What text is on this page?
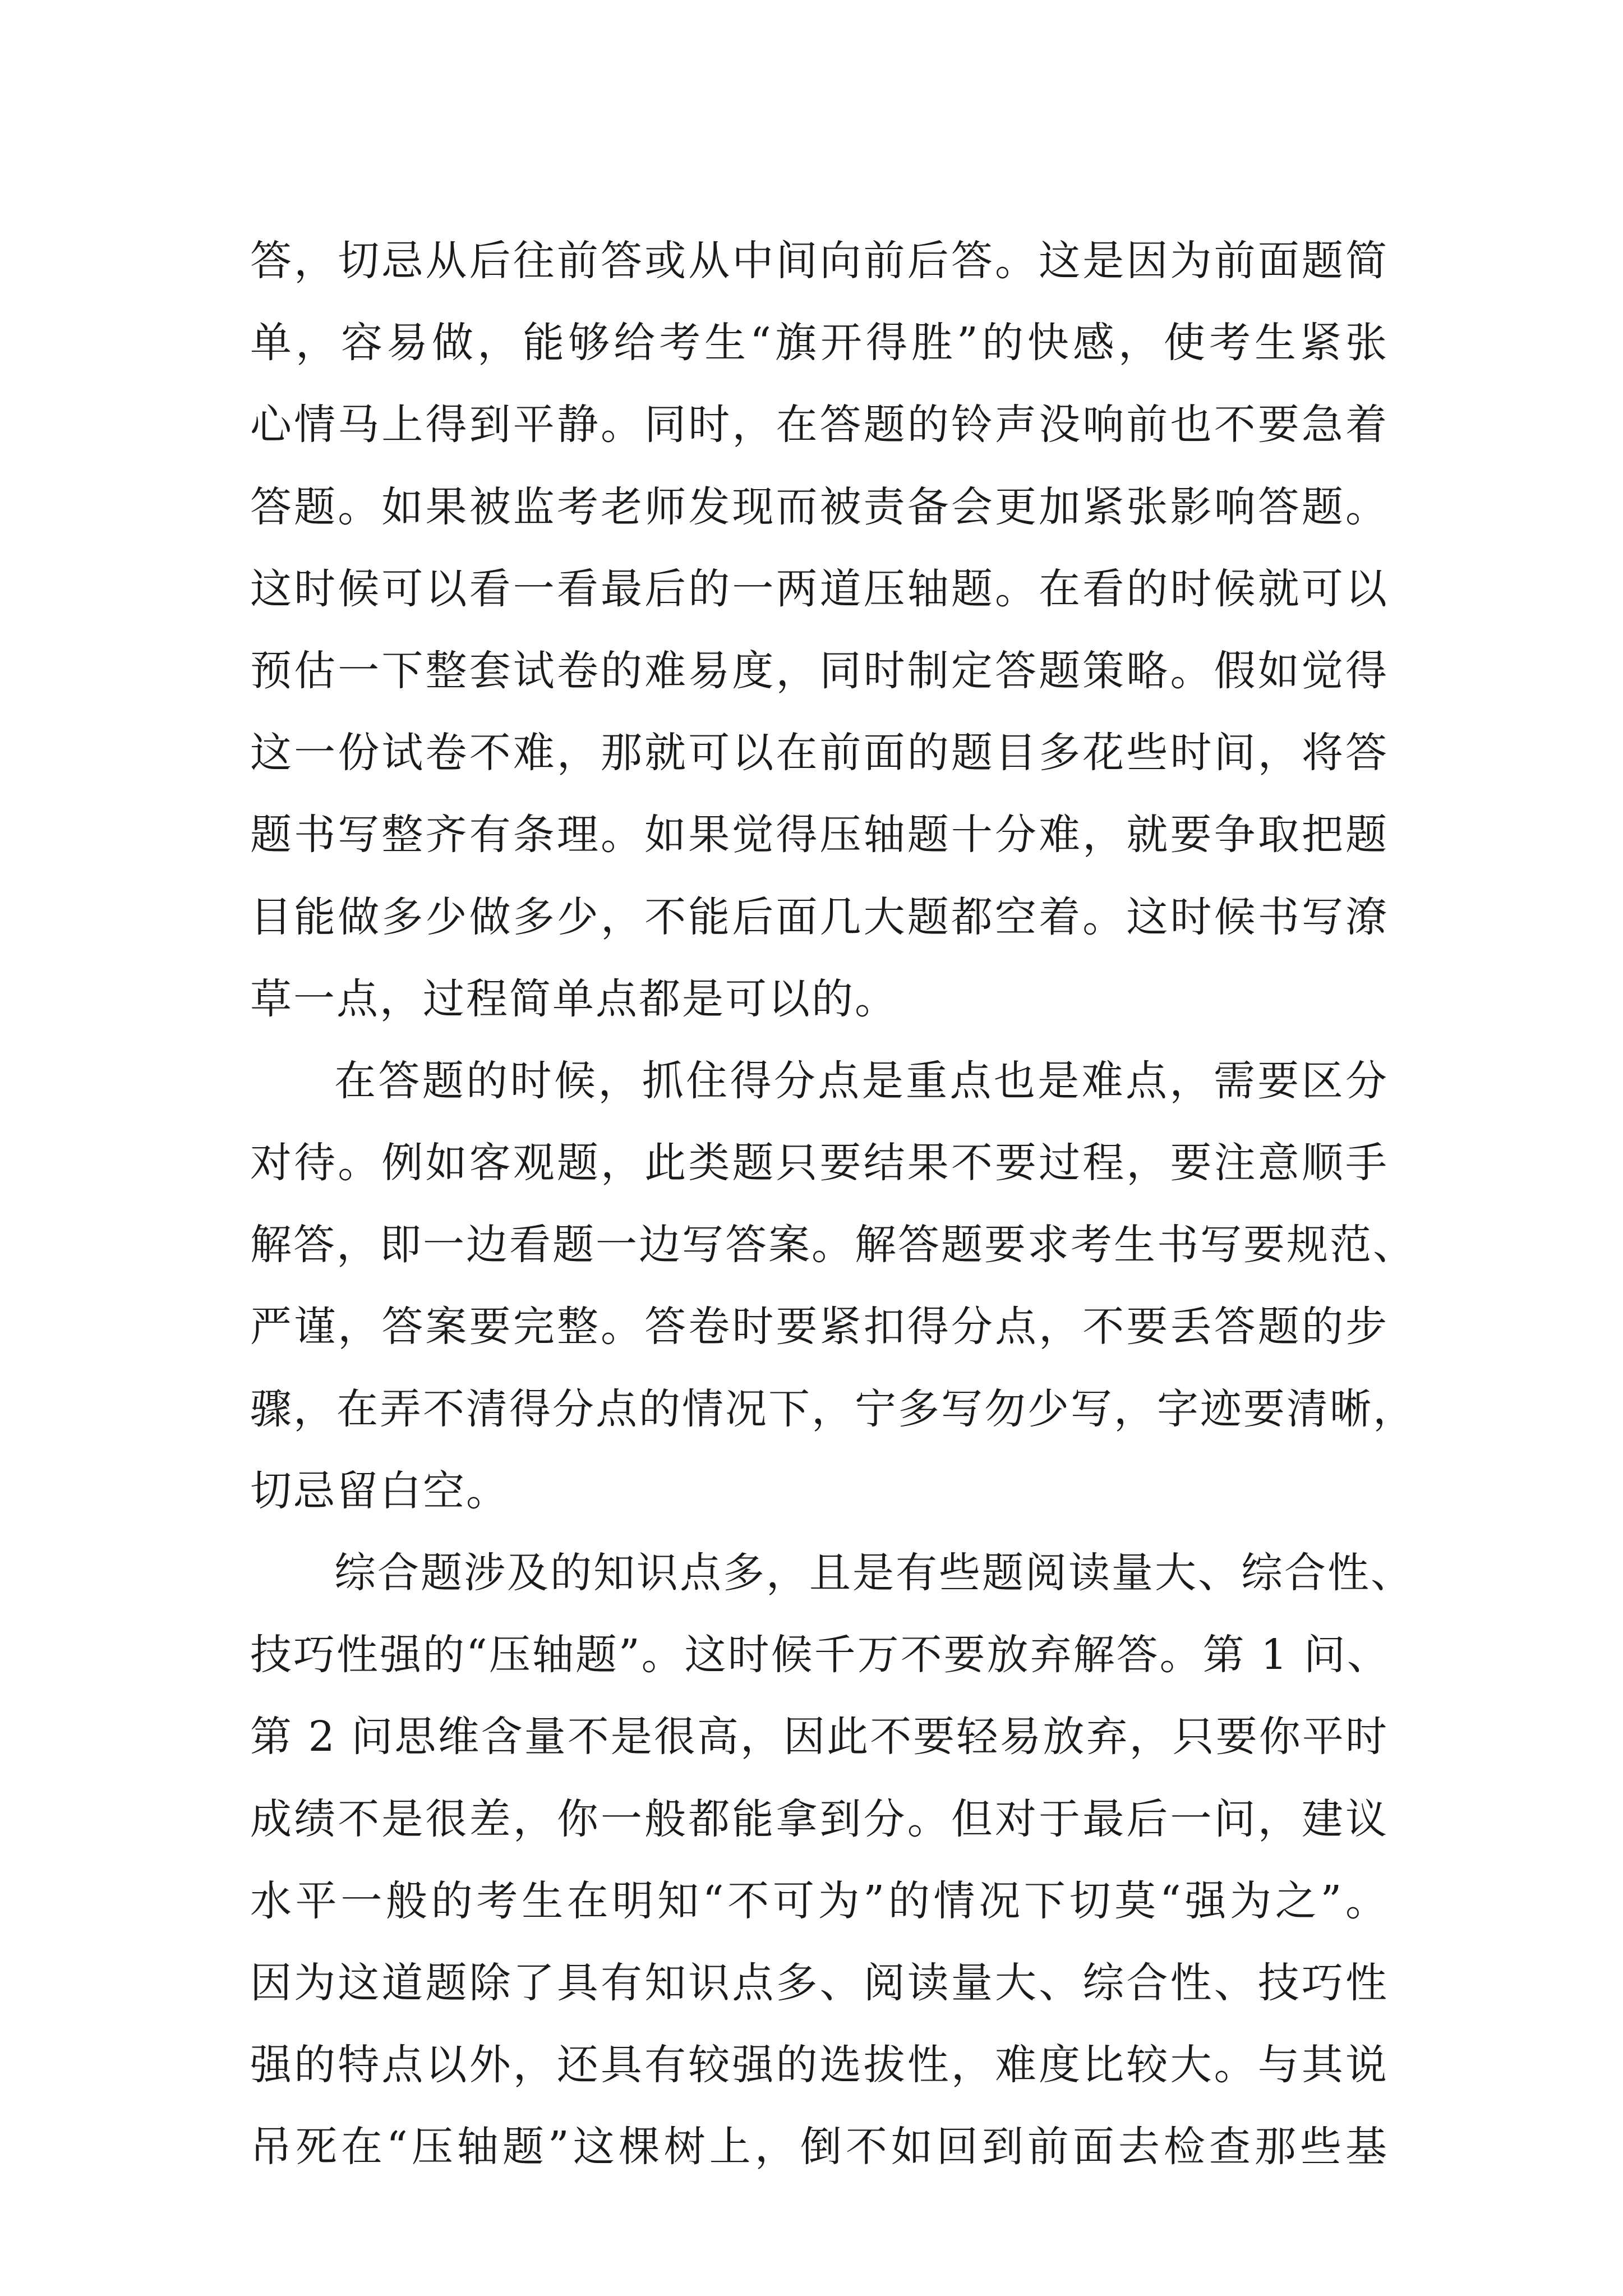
答，切忌从后往前答或从中间向前后答。这是因为前面题简
单，容易做，能够给考生“旗开得胜”的快感，使考生紧张
心情马上得到平静。同时，在答题的铃声没响前也不要急着
答题。如果被监考老师发现而被责备会更加紧张影响答题。
这时候可以看一看最后的一两道压轴题。在看的时候就可以
预估一下整套试卷的难易度，同时制定答题策略。假如觉得
这一份试卷不难，那就可以在前面的题目多花些时间，将答
题书写整齐有条理。如果觉得压轴题十分难，就要争取把题
目能做多少做多少，不能后面几大题都空着。这时候书写潦
草一点，过程简单点都是可以的。
在答题的时候，抓住得分点是重点也是难点，需要区分
对待。例如客观题，此类题只要结果不要过程，要注意顺手
解答，即一边看题一边写答案。解答题要求考生书写要规范、
严谨，答案要完整。答卷时要紧扣得分点，不要丢答题的步
骤，在弄不清得分点的情况下，宁多写勿少写，字迹要清晰，
切忌留白空。
综合题涉及的知识点多，且是有些题阅读量大、综合性、
技巧性强的“压轴题”。这时候千万不要放弃解答。第 1 问、
第 2 问思维含量不是很高，因此不要轻易放弃，只要你平时
成绩不是很差，你一般都能拿到分。但对于最后一问，建议
水平一般的考生在明知“不可为”的情况下切莫“强为之”。
因为这道题除了具有知识点多、阅读量大、综合性、技巧性
强的特点以外，还具有较强的选拔性，难度比较大。与其说
吊死在“压轴题”这棵树上，倒不如回到前面去检查那些基
